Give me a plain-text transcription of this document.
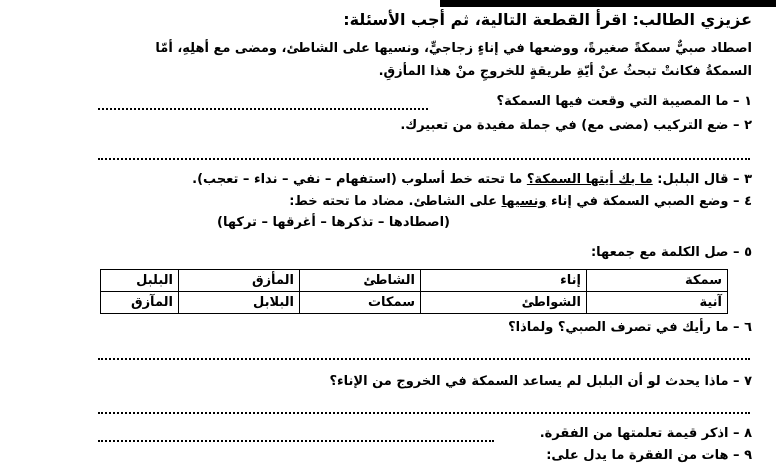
عزيزي الطالب: اقرأ القطعة التالية، ثم أجب الأسئلة:
اصطاد صبيٌّ سمكةً صغيرةً، ووضعها في إناءٍ زجاجيٍّ، ونسيها على الشاطئ، ومضى مع أهلِهِ، أمّا
السمكةُ فكانتْ تبحثُ عنْ أيّةِ طريقةٍ للخروجِ منْ هذا المأزقِ.
١ – ما المصيبة التي وقعت فيها السمكة؟
٢ – ضع التركيب (مضى مع) في جملة مفيدة من تعبيرك.
٣ – قال البلبل: ما بك أيتها السمكة؟ ما تحته خط أسلوب (استفهام – نفي – نداء – تعجب).
٤ – وضع الصبي السمكة في إناء ونسيها على الشاطئ. مضاد ما تحته خط:
(اصطادها – تذكرها – أغرقها – تركها)
٥ – صل الكلمة مع جمعها:
سمكة	إناء	الشاطئ	المأزق	البلبل
آنية	الشواطئ	سمكات	البلابل	المآزق
٦ – ما رأيك في تصرف الصبي؟ ولماذا؟
٧ – ماذا يحدث لو أن البلبل لم يساعد السمكة في الخروج من الإناء؟
٨ – اذكر قيمة تعلمتها من الفقرة.
٩ – هات من الفقرة ما يدل على:
